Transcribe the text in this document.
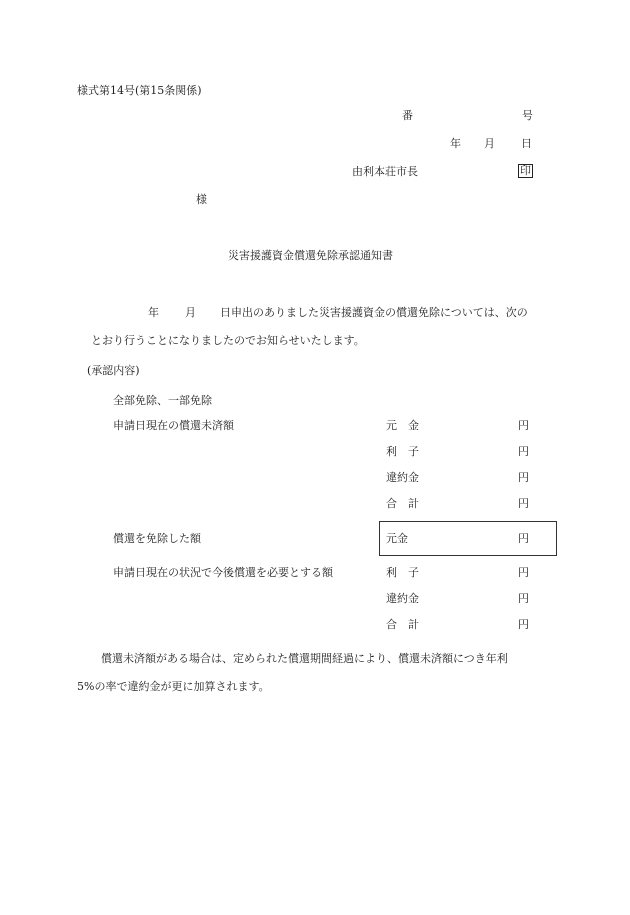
様式第14号(第15条関係)
番	号
年 月 日
由利本荘市長	印
様
災害援護資金償還免除承認通知書
年 月 日申出のありました災害援護資金の償還免除については、次の
とおり行うことになりましたのでお知らせいたします。
(承認内容)
全部免除、一部免除
申請日現在の償還未済額	元　金	円
利　子	円
違約金	円
合　計	円
償還を免除した額	元金	円
申請日現在の状況で今後償還を必要とする額	利　子	円
違約金	円
合　計	円
償還未済額がある場合は、定められた償還期間経過により、償還未済額につき年利
5%の率で違約金が更に加算されます。
